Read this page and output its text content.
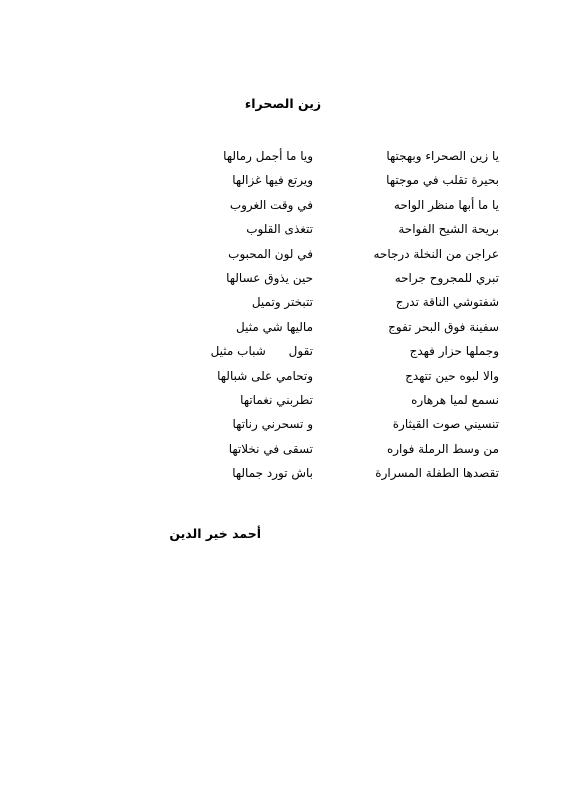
زين الصحراء
يا زين الصحراء وبهجتها
ويا ما أجمل رمالها
بحيرة تقلب في موجتها
ويرتع فيها غزالها
يا ما أبها منظر الواحه
في وقت الغروب
بريحة الشيح الفواحة
تتغذى القلوب
عراجن من النخلة درجاحه
في لون المحبوب
تبري للمجروح جراحه
حين يذوق عسالها
شفتوشي الناقة تدرج
تتبختر وتميل
سفينة فوق البحر تفوج
ماليها شي مثيل
وجملها حزار فهدج
تقول      شباب مثيل
والا لبوه حين تتهدج
وتحامي على شبالها
نسمع لميا هرهاره
تطربني نغماتها
تنسيني صوت القيثارة
و تسحرني رناتها
من وسط الرملة فواره
تسقى في نخلاتها
تقصدها الطفلة المسرارة
باش تورد جمالها
أحمد خير الدين
